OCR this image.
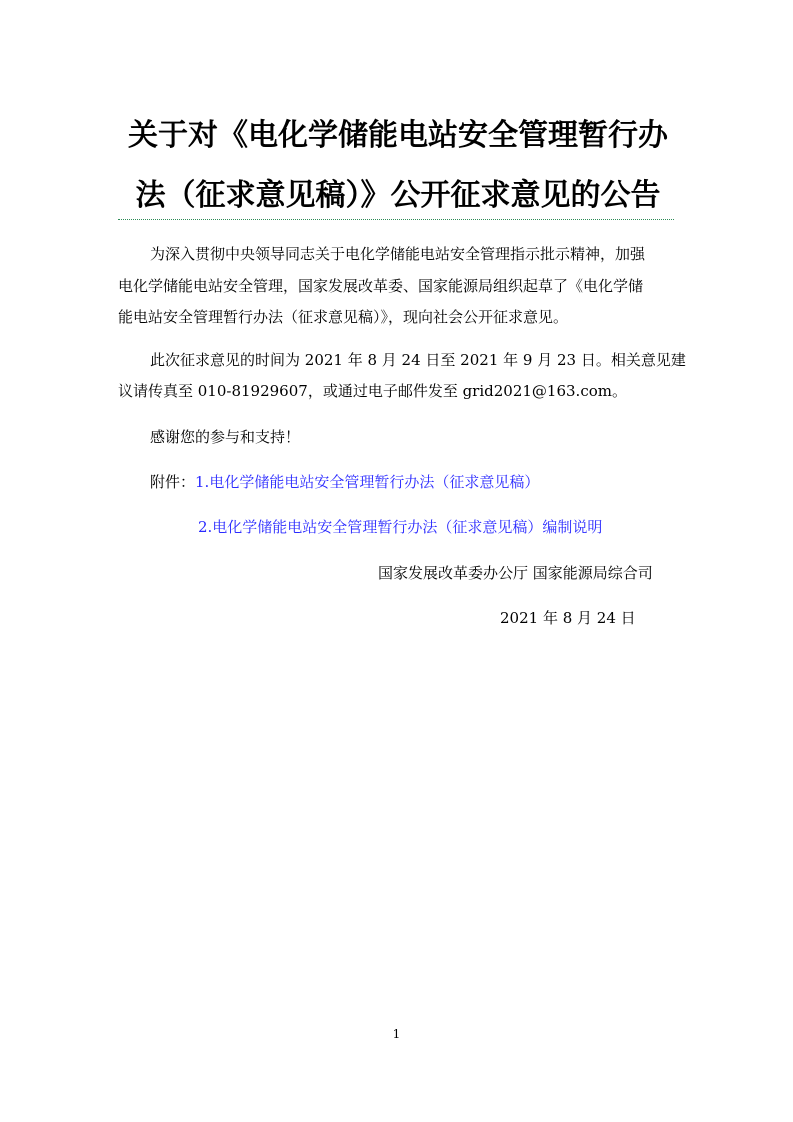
关于对《电化学储能电站安全管理暂行办
法（征求意见稿）》公开征求意见的公告
为深入贯彻中央领导同志关于电化学储能电站安全管理指示批示精神，加强
电化学储能电站安全管理，国家发展改革委、国家能源局组织起草了《电化学储
能电站安全管理暂行办法（征求意见稿）》，现向社会公开征求意见。
此次征求意见的时间为 2021 年 8 月 24 日至 2021 年 9 月 23 日。相关意见建
议请传真至 010-81929607，或通过电子邮件发至 grid2021@163.com。
感谢您的参与和支持！
附件：1.电化学储能电站安全管理暂行办法（征求意见稿）
2.电化学储能电站安全管理暂行办法（征求意见稿）编制说明
国家发展改革委办公厅 国家能源局综合司
2021 年 8 月 24 日
1
